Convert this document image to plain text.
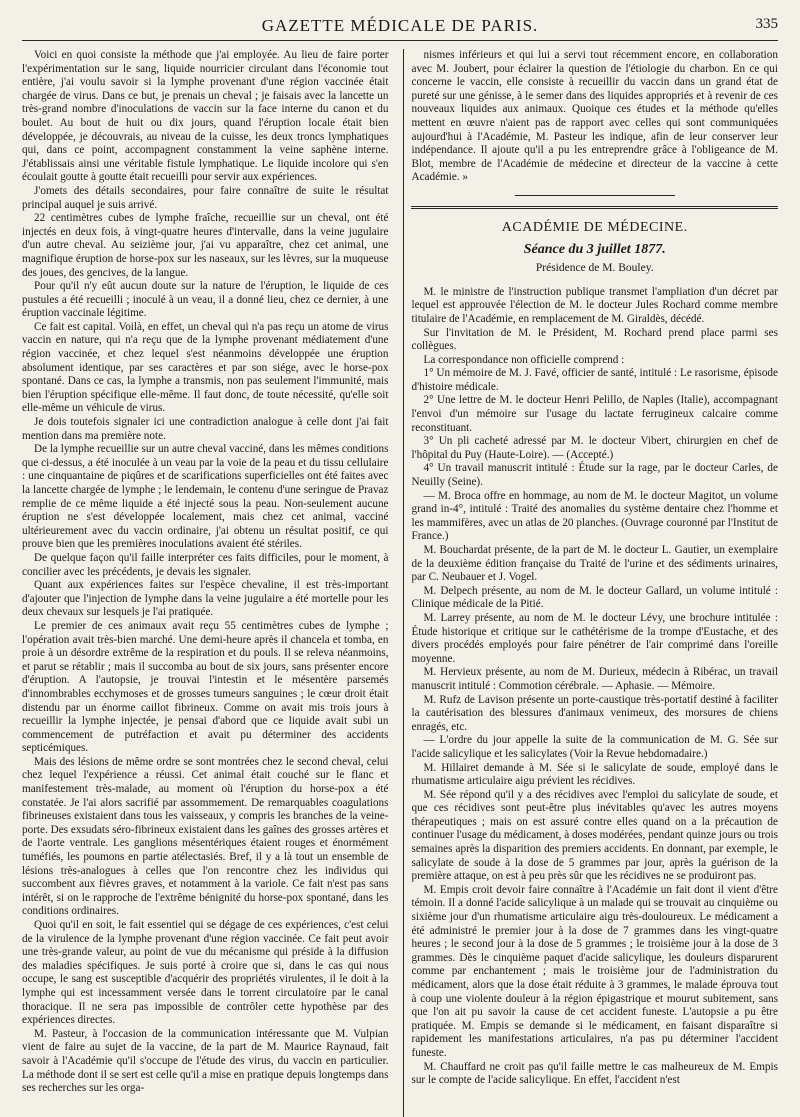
GAZETTE MÉDICALE DE PARIS.	335

Voici en quoi consiste la méthode que j'ai employée. Au lieu de faire porter l'expérimentation sur le sang, liquide nourricier circulant dans l'économie tout entière, j'ai voulu savoir si la lymphe provenant d'une région vaccinée était chargée de virus. Dans ce but, je prenais un cheval ; je faisais avec la lancette un très-grand nombre d'inoculations de vaccin sur la face interne du canon et du boulet. Au bout de huit ou dix jours, quand l'éruption locale était bien développée, je découvrais, au niveau de la cuisse, les deux troncs lymphatiques qui, dans ce point, accompagnent constamment la veine saphène interne. J'établissais ainsi une véritable fistule lymphatique. Le liquide incolore qui s'en écoulait goutte à goutte était recueilli pour servir aux expériences.

J'omets des détails secondaires, pour faire connaître de suite le résultat principal auquel je suis arrivé.

22 centimètres cubes de lymphe fraîche, recueillie sur un cheval, ont été injectés en deux fois, à vingt-quatre heures d'intervalle, dans la veine jugulaire d'un autre cheval. Au seizième jour, j'ai vu apparaître, chez cet animal, une magnifique éruption de horse-pox sur les naseaux, sur les lèvres, sur la muqueuse des joues, des gencives, de la langue.

Pour qu'il n'y eût aucun doute sur la nature de l'éruption, le liquide de ces pustules a été recueilli ; inoculé à un veau, il a donné lieu, chez ce dernier, à une éruption vaccinale légitime.

Ce fait est capital. Voilà, en effet, un cheval qui n'a pas reçu un atome de virus vaccin en nature, qui n'a reçu que de la lymphe provenant médiatement d'une région vaccinée, et chez lequel s'est néanmoins développée une éruption absolument identique, par ses caractères et par son siége, avec le horse-pox spontané. Dans ce cas, la lymphe a transmis, non pas seulement l'immunité, mais bien l'éruption spécifique elle-même. Il faut donc, de toute nécessité, qu'elle soit elle-même un véhicule de virus.

Je dois toutefois signaler ici une contradiction analogue à celle dont j'ai fait mention dans ma première note.

De la lymphe recueillie sur un autre cheval vacciné, dans les mêmes conditions que ci-dessus, a été inoculée à un veau par la voie de la peau et du tissu cellulaire : une cinquantaine de piqûres et de scarifications superficielles ont été faites avec la lancette chargée de lymphe ; le lendemain, le contenu d'une seringue de Pravaz remplie de ce même liquide a été injecté sous la peau. Non-seulement aucune éruption ne s'est développée localement, mais chez cet animal, vacciné ultérieurement avec du vaccin ordinaire, j'ai obtenu un résultat positif, ce qui prouve bien que les premières inoculations avaient été stériles.

De quelque façon qu'il faille interpréter ces faits difficiles, pour le moment, à concilier avec les précédents, je devais les signaler.

Quant aux expériences faites sur l'espèce chevaline, il est très-important d'ajouter que l'injection de lymphe dans la veine jugulaire a été mortelle pour les deux chevaux sur lesquels je l'ai pratiquée.

Le premier de ces animaux avait reçu 55 centimètres cubes de lymphe ; l'opération avait très-bien marché. Une demi-heure après il chancela et tomba, en proie à un désordre extrême de la respiration et du pouls. Il se releva néanmoins, et parut se rétablir ; mais il succomba au bout de six jours, sans présenter encore d'éruption. A l'autopsie, je trouvai l'intestin et le mésentère parsemés d'innombrables ecchymoses et de grosses tumeurs sanguines ; le cœur droit était distendu par un énorme caillot fibrineux. Comme on avait mis trois jours à recueillir la lymphe injectée, je pensai d'abord que ce liquide avait subi un commencement de putréfaction et avait pu déterminer des accidents septicémiques.

Mais des lésions de même ordre se sont montrées chez le second cheval, celui chez lequel l'expérience a réussi. Cet animal était couché sur le flanc et manifestement très-malade, au moment où l'éruption du horse-pox a été constatée. Je l'ai alors sacrifié par assommement. De remarquables coagulations fibrineuses existaient dans tous les vaisseaux, y compris les branches de la veine-porte. Des exsudats séro-fibrineux existaient dans les gaînes des grosses artères et de l'aorte ventrale. Les ganglions mésentériques étaient rouges et énormément tuméfiés, les poumons en partie atélectasiés. Bref, il y a là tout un ensemble de lésions très-analogues à celles que l'on rencontre chez les individus qui succombent aux fièvres graves, et notamment à la variole. Ce fait n'est pas sans intérêt, si on le rapproche de l'extrême bénignité du horse-pox spontané, dans les conditions ordinaires.

Quoi qu'il en soit, le fait essentiel qui se dégage de ces expériences, c'est celui de la virulence de la lymphe provenant d'une région vaccinée. Ce fait peut avoir une très-grande valeur, au point de vue du mécanisme qui préside à la diffusion des maladies spécifiques. Je suis porté à croire que si, dans le cas qui nous occupe, le sang est susceptible d'acquérir des propriétés virulentes, il le doit à la lymphe qui est incessamment versée dans le torrent circulatoire par le canal thoracique. Il ne sera pas impossible de contrôler cette hypothèse par des expériences directes.

M. Pasteur, à l'occasion de la communication intéressante que M. Vulpian vient de faire au sujet de la vaccine, de la part de M. Maurice Raynaud, fait savoir à l'Académie qu'il s'occupe de l'étude des virus, du vaccin en particulier. La méthode dont il se sert est celle qu'il a mise en pratique depuis longtemps dans ses recherches sur les orga-

nismes inférieurs et qui lui a servi tout récemment encore, en collaboration avec M. Joubert, pour éclairer la question de l'étiologie du charbon. En ce qui concerne le vaccin, elle consiste à recueillir du vaccin dans un grand état de pureté sur une génisse, à le semer dans des liquides appropriés et à revenir de ces nouveaux liquides aux animaux. Quoique ces études et la méthode qu'elles mettent en œuvre n'aient pas de rapport avec celles qui sont communiquées aujourd'hui à l'Académie, M. Pasteur les indique, afin de leur conserver leur indépendance. Il ajoute qu'il a pu les entreprendre grâce à l'obligeance de M. Blot, membre de l'Académie de médecine et directeur de la vaccine à cette Académie. »

ACADÉMIE DE MÉDECINE.
Séance du 3 juillet 1877.
Présidence de M. Bouley.

M. le ministre de l'instruction publique transmet l'ampliation d'un décret par lequel est approuvée l'élection de M. le docteur Jules Rochard comme membre titulaire de l'Académie, en remplacement de M. Giraldès, décédé.

Sur l'invitation de M. le Président, M. Rochard prend place parmi ses collègues.

La correspondance non officielle comprend :

1° Un mémoire de M. J. Favé, officier de santé, intitulé : Le rasorisme, épisode d'histoire médicale.

2° Une lettre de M. le docteur Henri Pelillo, de Naples (Italie), accompagnant l'envoi d'un mémoire sur l'usage du lactate ferrugineux calcaire comme reconstituant.

3° Un pli cacheté adressé par M. le docteur Vibert, chirurgien en chef de l'hôpital du Puy (Haute-Loire). — (Accepté.)

4° Un travail manuscrit intitulé : Étude sur la rage, par le docteur Carles, de Neuilly (Seine).

— M. Broca offre en hommage, au nom de M. le docteur Magitot, un volume grand in-4°, intitulé : Traité des anomalies du système dentaire chez l'homme et les mammifères, avec un atlas de 20 planches. (Ouvrage couronné par l'Institut de France.)

M. Bouchardat présente, de la part de M. le docteur L. Gautier, un exemplaire de la deuxième édition française du Traité de l'urine et des sédiments urinaires, par C. Neubauer et J. Vogel.

M. Delpech présente, au nom de M. le docteur Gallard, un volume intitulé : Clinique médicale de la Pitié.

M. Larrey présente, au nom de M. le docteur Lévy, une brochure intitulée : Étude historique et critique sur le cathétérisme de la trompe d'Eustache, et des divers procédés employés pour faire pénétrer de l'air comprimé dans l'oreille moyenne.

M. Hervieux présente, au nom de M. Durieux, médecin à Ribérac, un travail manuscrit intitulé : Commotion cérébrale. — Aphasie. — Mémoire.

M. Rufz de Lavison présente un porte-caustique très-portatif destiné à faciliter la cautérisation des blessures d'animaux venimeux, des morsures de chiens enragés, etc.

— L'ordre du jour appelle la suite de la communication de M. G. Sée sur l'acide salicylique et les salicylates (Voir la Revue hebdomadaire.)

M. Hillairet demande à M. Sée si le salicylate de soude, employé dans le rhumatisme articulaire aigu prévient les récidives.

M. Sée répond qu'il y a des récidives avec l'emploi du salicylate de soude, et que ces récidives sont peut-être plus inévitables qu'avec les autres moyens thérapeutiques ; mais on est assuré contre elles quand on a la précaution de continuer l'usage du médicament, à doses modérées, pendant quinze jours ou trois semaines après la disparition des premiers accidents. En donnant, par exemple, le salicylate de soude à la dose de 5 grammes par jour, après la guérison de la première attaque, on est à peu près sûr que les récidives ne se produiront pas.

M. Empis croit devoir faire connaître à l'Académie un fait dont il vient d'être témoin. Il a donné l'acide salicylique à un malade qui se trouvait au cinquième ou sixième jour d'un rhumatisme articulaire aigu très-douloureux. Le médicament a été administré le premier jour à la dose de 7 grammes dans les vingt-quatre heures ; le second jour à la dose de 5 grammes ; le troisième jour à la dose de 3 grammes. Dès le cinquième paquet d'acide salicylique, les douleurs disparurent comme par enchantement ; mais le troisième jour de l'administration du médicament, alors que la dose était réduite à 3 grammes, le malade éprouva tout à coup une violente douleur à la région épigastrique et mourut subitement, sans que l'on ait pu savoir la cause de cet accident funeste. L'autopsie a pu être pratiquée. M. Empis se demande si le médicament, en faisant disparaître si rapidement les manifestations articulaires, n'a pas pu déterminer l'accident funeste.

M. Chauffard ne croit pas qu'il faille mettre le cas malheureux de M. Empis sur le compte de l'acide salicylique. En effet, l'accident n'est
